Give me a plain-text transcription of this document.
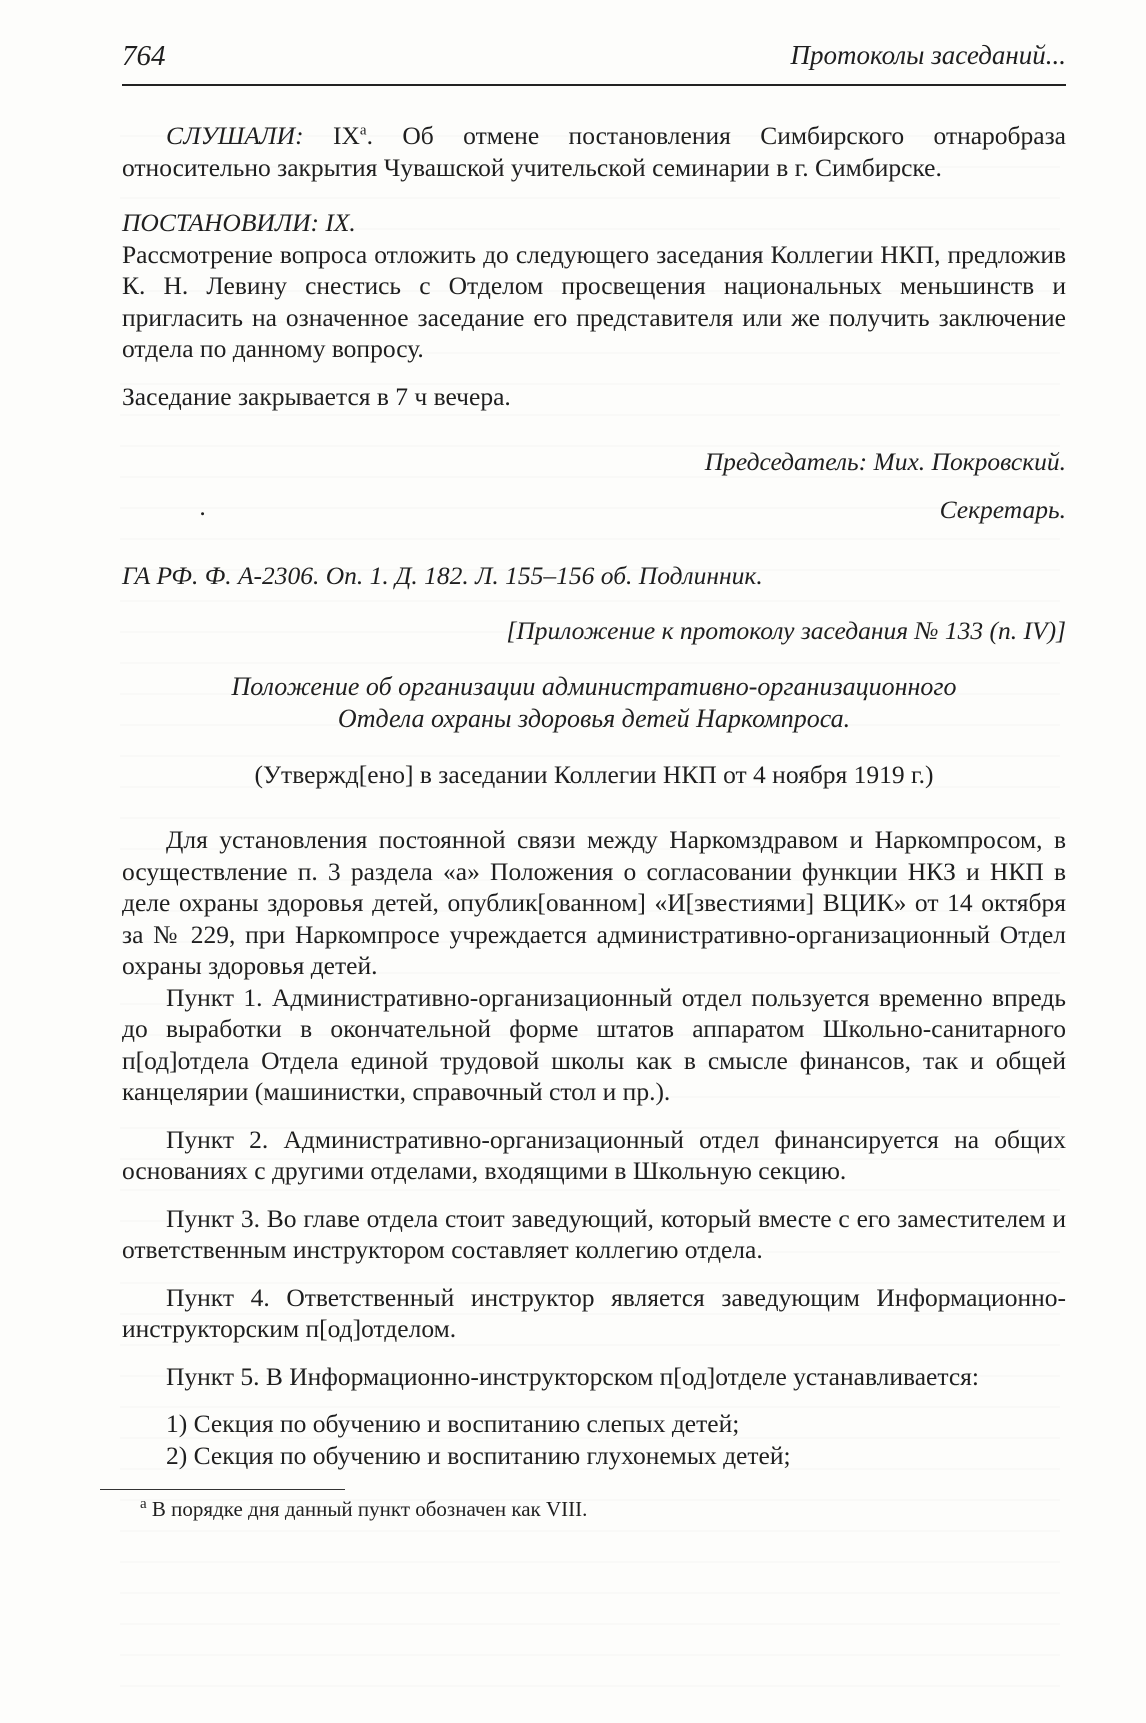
764	Протоколы заседаний...

СЛУШАЛИ: $IX^а$. Об отмене постановления Симбирского отнаробраза относительно закрытия Чувашской учительской семинарии в г. Симбирске.

ПОСТАНОВИЛИ: IX.

Рассмотрение вопроса отложить до следующего заседания Коллегии НКП, предложив К. Н. Левину снестись с Отделом просвещения национальных меньшинств и пригласить на означенное заседание его представителя или же получить заключение отдела по данному вопросу.

Заседание закрывается в 7 ч вечера.

Председатель: Мих. Покровский.

.	Секретарь.

ГА РФ. Ф. А-2306. Оп. 1. Д. 182. Л. 155–156 об. Подлинник.

[Приложение к протоколу заседания № 133 (п. IV)]

Положение об организации административно-организационного

Отдела охраны здоровья детей Наркомпроса.

(Утвержд[ено] в заседании Коллегии НКП от 4 ноября 1919 г.)

Для установления постоянной связи между Наркомздравом и Наркомпросом, в осуществление п. 3 раздела «а» Положения о согласовании функции НКЗ и НКП в деле охраны здоровья детей, опублик[ованном] «И[звестиями] ВЦИК» от 14 октября за № 229, при Наркомпросе учреждается административно-организационный Отдел охраны здоровья детей.

Пункт 1. Административно-организационный отдел пользуется временно впредь до выработки в окончательной форме штатов аппаратом Школьно-санитарного п[од]отдела Отдела единой трудовой школы как в смысле финансов, так и общей канцелярии (машинистки, справочный стол и пр.).

Пункт 2. Административно-организационный отдел финансируется на общих основаниях с другими отделами, входящими в Школьную секцию.

Пункт 3. Во главе отдела стоит заведующий, который вместе с его заместителем и ответственным инструктором составляет коллегию отдела.

Пункт 4. Ответственный инструктор является заведующим Информационно-инструкторским п[од]отделом.

Пункт 5. В Информационно-инструкторском п[од]отделе устанавливается:

1) Секция по обучению и воспитанию слепых детей;

2) Секция по обучению и воспитанию глухонемых детей;

$^а$ В порядке дня данный пункт обозначен как VIII.
